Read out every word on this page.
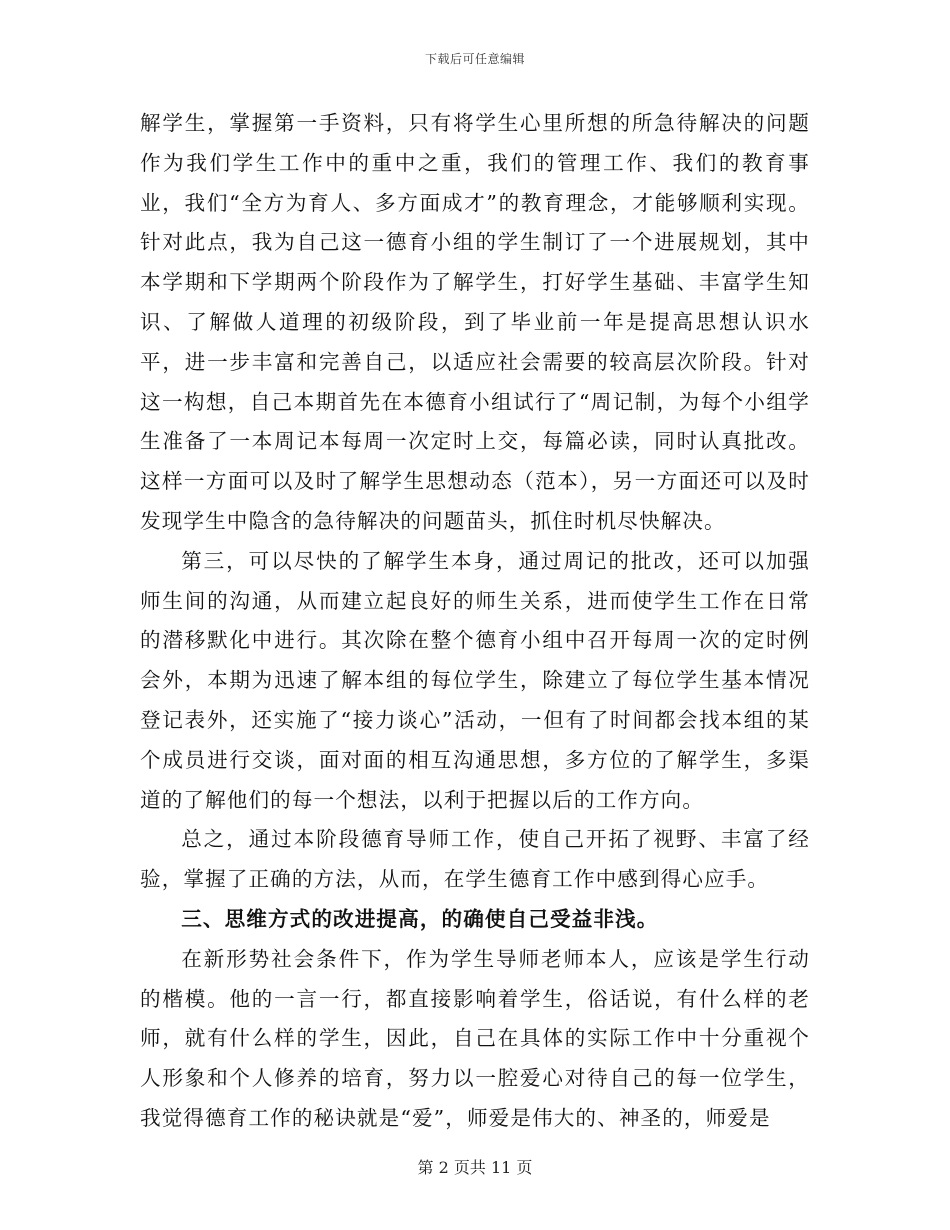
下载后可任意编辑

解学生，掌握第一手资料，只有将学生心里所想的所急待解决的问题作为我们学生工作中的重中之重，我们的管理工作、我们的教育事业，我们“全方为育人、多方面成才”的教育理念，才能够顺利实现。针对此点，我为自己这一德育小组的学生制订了一个进展规划，其中本学期和下学期两个阶段作为了解学生，打好学生基础、丰富学生知识、了解做人道理的初级阶段，到了毕业前一年是提高思想认识水平，进一步丰富和完善自己，以适应社会需要的较高层次阶段。针对这一构想，自己本期首先在本德育小组试行了“周记制，为每个小组学生准备了一本周记本每周一次定时上交，每篇必读，同时认真批改。这样一方面可以及时了解学生思想动态（范本），另一方面还可以及时发现学生中隐含的急待解决的问题苗头，抓住时机尽快解决。

第三，可以尽快的了解学生本身，通过周记的批改，还可以加强师生间的沟通，从而建立起良好的师生关系，进而使学生工作在日常的潜移默化中进行。其次除在整个德育小组中召开每周一次的定时例会外，本期为迅速了解本组的每位学生，除建立了每位学生基本情况登记表外，还实施了“接力谈心”活动，一但有了时间都会找本组的某个成员进行交谈，面对面的相互沟通思想，多方位的了解学生，多渠道的了解他们的每一个想法，以利于把握以后的工作方向。

总之，通过本阶段德育导师工作，使自己开拓了视野、丰富了经验，掌握了正确的方法，从而，在学生德育工作中感到得心应手。

三、思维方式的改进提高，的确使自己受益非浅。

在新形势社会条件下，作为学生导师老师本人，应该是学生行动的楷模。他的一言一行，都直接影响着学生，俗话说，有什么样的老师，就有什么样的学生，因此，自己在具体的实际工作中十分重视个人形象和个人修养的培育，努力以一腔爱心对待自己的每一位学生，我觉得德育工作的秘诀就是“爱”，师爱是伟大的、神圣的，师爱是

第 2 页共 11 页
